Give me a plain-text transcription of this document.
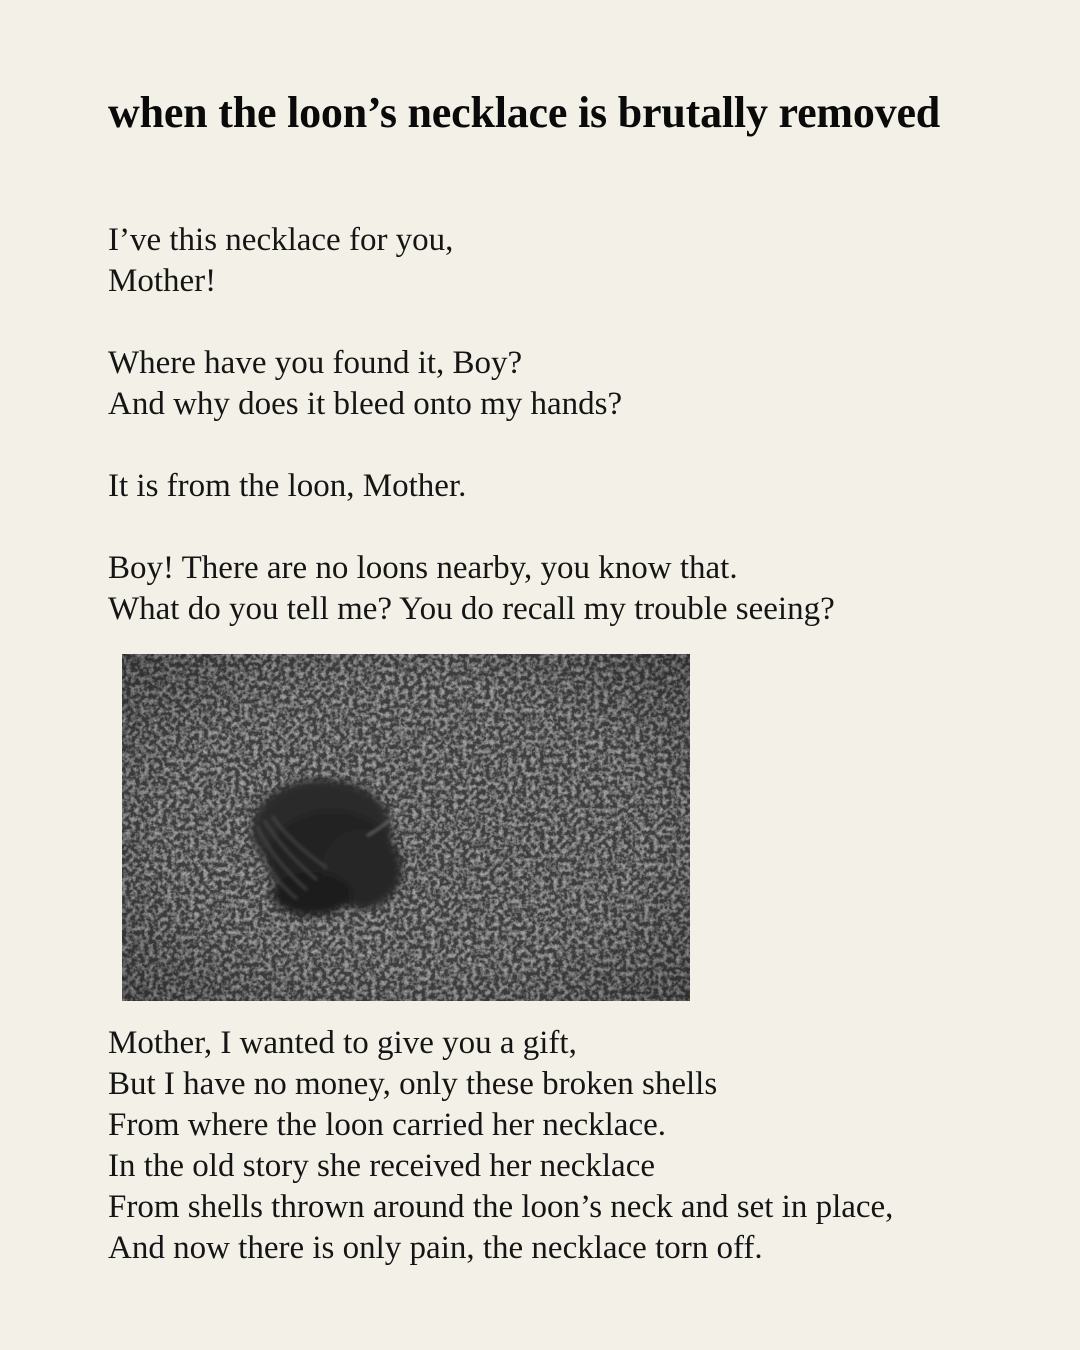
when the loon’s necklace is brutally removed

I’ve this necklace for you,
Mother!

Where have you found it, Boy?
And why does it bleed onto my hands?

It is from the loon, Mother.

Boy! There are no loons nearby, you know that.
What do you tell me? You do recall my trouble seeing?

Mother, I wanted to give you a gift,
But I have no money, only these broken shells
From where the loon carried her necklace.
In the old story she received her necklace
From shells thrown around the loon’s neck and set in place,
And now there is only pain, the necklace torn off.
